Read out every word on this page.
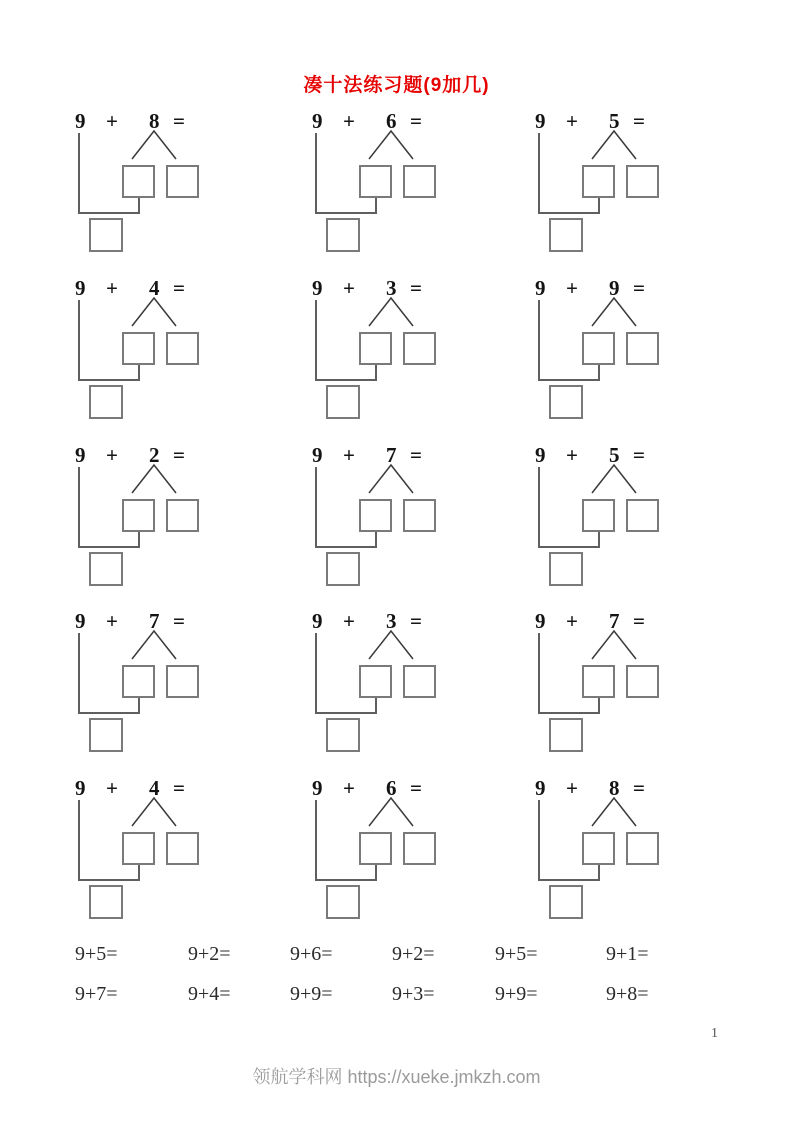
凑十法练习题(9加几)
9 + 8 =	9 + 6 =	9 + 5 =
9 + 4 =	9 + 3 =	9 + 9 =
9 + 2 =	9 + 7 =	9 + 5 =
9 + 7 =	9 + 3 =	9 + 7 =
9 + 4 =	9 + 6 =	9 + 8 =
9+5=	9+2=	9+6=	9+2=	9+5=	9+1=
9+7=	9+4=	9+9=	9+3=	9+9=	9+8=
1
领航学科网 https://xueke.jmkzh.com
